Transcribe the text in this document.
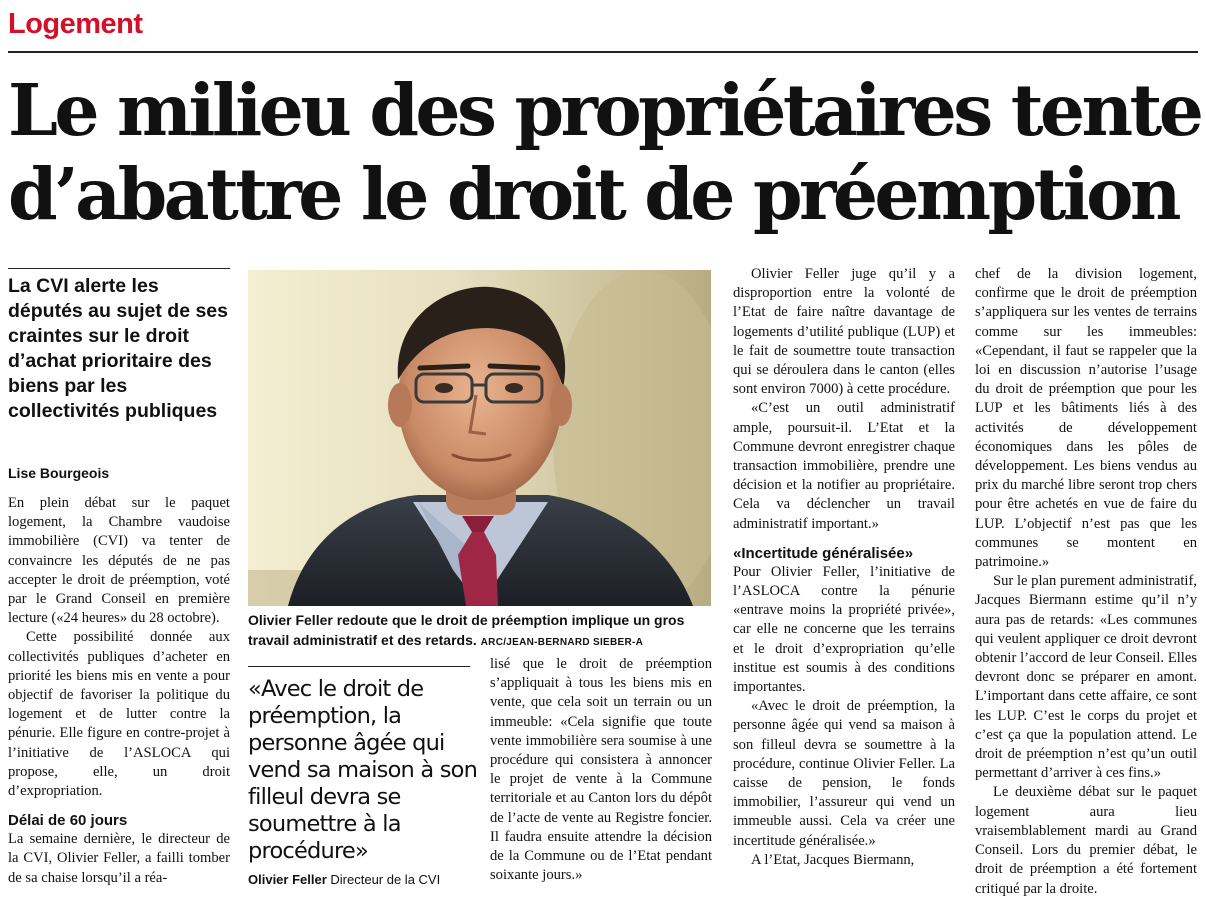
Logement
Le milieu des propriétaires tente
d’abattre le droit de préemption
La CVI alerte les députés au sujet de ses craintes sur le droit d’achat prioritaire des biens par les collectivités publiques
Lise Bourgeois

En plein débat sur le paquet logement, la Chambre vaudoise immobilière (CVI) va tenter de convaincre les députés de ne pas accepter le droit de préemption, voté par le Grand Conseil en première lecture («24 heures» du 28 octobre).

Cette possibilité donnée aux collectivités publiques d’acheter en priorité les biens mis en vente a pour objectif de favoriser la politique du logement et de lutter contre la pénurie. Elle figure en contre-projet à l’initiative de l’ASLOCA qui propose, elle, un droit d’expropriation.

Délai de 60 jours

La semaine dernière, le directeur de la CVI, Olivier Feller, a failli tomber de sa chaise lorsqu’il a réa-

Olivier Feller redoute que le droit de préemption implique un gros travail administratif et des retards. ARC/JEAN-BERNARD SIEBER-A
«Avec le droit de préemption, la personne âgée qui vend sa maison à son filleul devra se soumettre à la procédure»
Olivier Feller Directeur de la CVI

lisé que le droit de préemption s’appliquait à tous les biens mis en vente, que cela soit un terrain ou un immeuble: «Cela signifie que toute vente immobilière sera soumise à une procédure qui consistera à annoncer le projet de vente à la Commune territoriale et au Canton lors du dépôt de l’acte de vente au Registre foncier. Il faudra ensuite attendre la décision de la Commune ou de l’Etat pendant soixante jours.»

Olivier Feller juge qu’il y a disproportion entre la volonté de l’Etat de faire naître davantage de logements d’utilité publique (LUP) et le fait de soumettre toute transaction qui se déroulera dans le canton (elles sont environ 7000) à cette procédure.

«C’est un outil administratif ample, poursuit-il. L’Etat et la Commune devront enregistrer chaque transaction immobilière, prendre une décision et la notifier au propriétaire. Cela va déclencher un travail administratif important.»

«Incertitude généralisée»

Pour Olivier Feller, l’initiative de l’ASLOCA contre la pénurie «entrave moins la propriété privée», car elle ne concerne que les terrains et le droit d’expropriation qu’elle institue est soumis à des conditions importantes.

«Avec le droit de préemption, la personne âgée qui vend sa maison à son filleul devra se soumettre à la procédure, continue Olivier Feller. La caisse de pension, le fonds immobilier, l’assureur qui vend un immeuble aussi. Cela va créer une incertitude généralisée.»

A l’Etat, Jacques Biermann,

chef de la division logement, confirme que le droit de préemption s’appliquera sur les ventes de terrains comme sur les immeubles: «Cependant, il faut se rappeler que la loi en discussion n’autorise l’usage du droit de préemption que pour les LUP et les bâtiments liés à des activités de développement économiques dans les pôles de développement. Les biens vendus au prix du marché libre seront trop chers pour être achetés en vue de faire du LUP. L’objectif n’est pas que les communes se montent en patrimoine.»

Sur le plan purement administratif, Jacques Biermann estime qu’il n’y aura pas de retards: «Les communes qui veulent appliquer ce droit devront obtenir l’accord de leur Conseil. Elles devront donc se préparer en amont. L’important dans cette affaire, ce sont les LUP. C’est le corps du projet et c’est ça que la population attend. Le droit de préemption n’est qu’un outil permettant d’arriver à ces fins.»

Le deuxième débat sur le paquet logement aura lieu vraisemblablement mardi au Grand Conseil. Lors du premier débat, le droit de préemption a été fortement critiqué par la droite.
